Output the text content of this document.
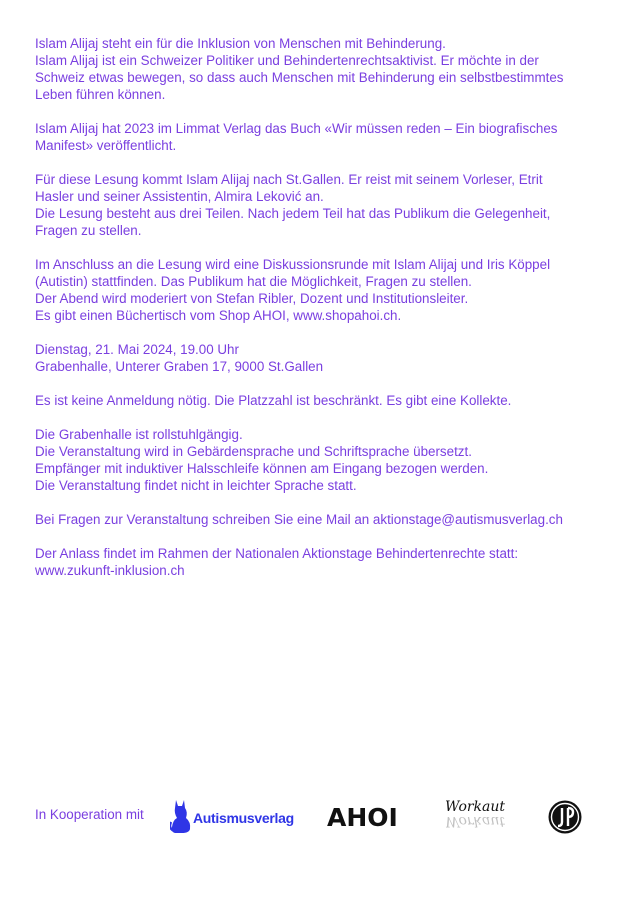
Islam Alijaj steht ein für die Inklusion von Menschen mit Behinderung.
Islam Alijaj ist ein Schweizer Politiker und Behindertenrechtsaktivist. Er möchte in der
Schweiz etwas bewegen, so dass auch Menschen mit Behinderung ein selbstbestimmtes
Leben führen können.
Islam Alijaj hat 2023 im Limmat Verlag das Buch «Wir müssen reden – Ein biografisches
Manifest» veröffentlicht.
Für diese Lesung kommt Islam Alijaj nach St.Gallen. Er reist mit seinem Vorleser, Etrit
Hasler und seiner Assistentin, Almira Leković an.
Die Lesung besteht aus drei Teilen. Nach jedem Teil hat das Publikum die Gelegenheit,
Fragen zu stellen.
Im Anschluss an die Lesung wird eine Diskussionsrunde mit Islam Alijaj und Iris Köppel
(Autistin) stattfinden. Das Publikum hat die Möglichkeit, Fragen zu stellen.
Der Abend wird moderiert von Stefan Ribler, Dozent und Institutionsleiter.
Es gibt einen Büchertisch vom Shop AHOI, www.shopahoi.ch.
Dienstag, 21. Mai 2024, 19.00 Uhr
Grabenhalle, Unterer Graben 17, 9000 St.Gallen
Es ist keine Anmeldung nötig. Die Platzzahl ist beschränkt. Es gibt eine Kollekte.
Die Grabenhalle ist rollstuhlgängig.
Die Veranstaltung wird in Gebärdensprache und Schriftsprache übersetzt.
Empfänger mit induktiver Halsschleife können am Eingang bezogen werden.
Die Veranstaltung findet nicht in leichter Sprache statt.
Bei Fragen zur Veranstaltung schreiben Sie eine Mail an aktionstage@autismusverlag.ch
Der Anlass findet im Rahmen der Nationalen Aktionstage Behindertenrechte statt:
www.zukunft-inklusion.ch
In Kooperation mit	Autismusverlag AHOI	Workaut
Workaut
